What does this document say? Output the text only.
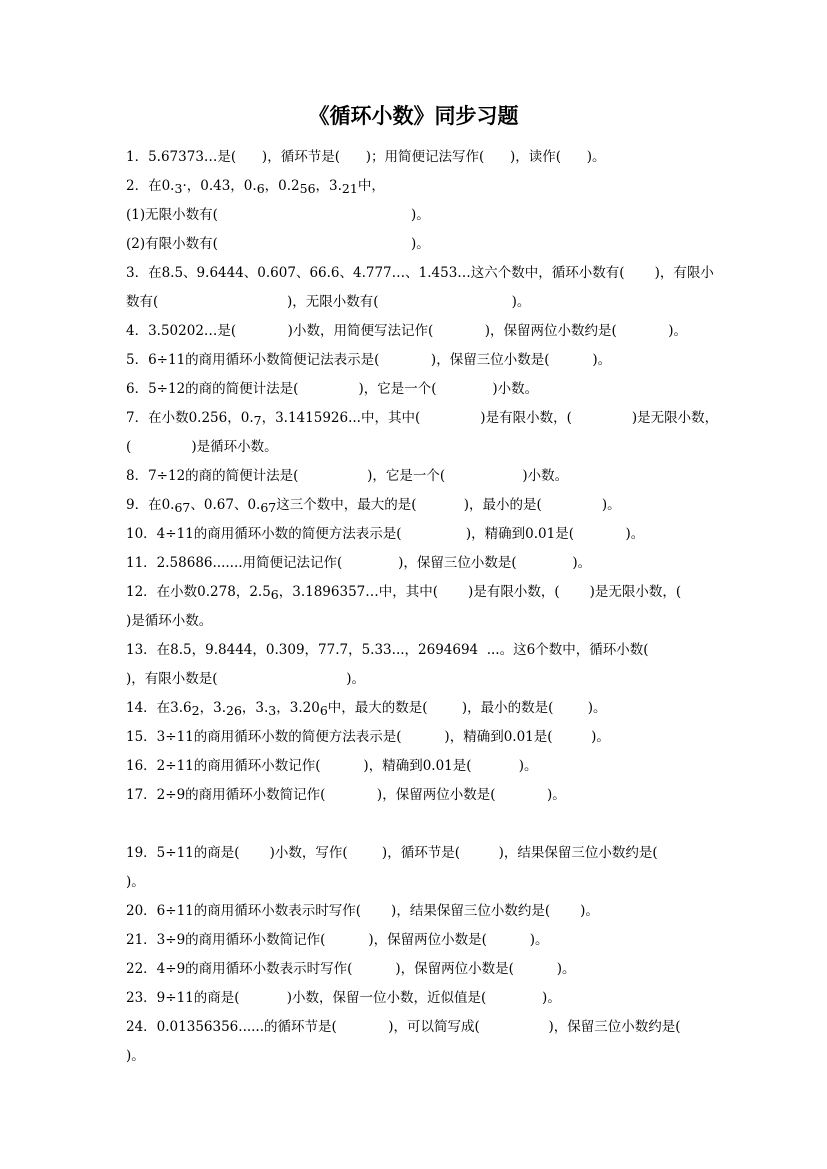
《循环小数》同步习题
1．5.67373…是(      )，循环节是(      )；用简便记法写作(      )，读作(      )。
2．在0.3·，0.43，0.6，0.256，3.21中，
(1)无限小数有(                                             )。
(2)有限小数有(                                             )。
3．在8.5、9.6444、0.607、66.6、4.777…、1.453…这六个数中，循环小数有(       )，有限小
数有(                              )，无限小数有(                               )。
4．3.50202…是(            )小数，用简便写法记作(            )，保留两位小数约是(            )。
5．6÷11的商用循环小数简便记法表示是(            )，保留三位小数是(          )。
6．5÷12的商的简便计法是(              )，它是一个(             )小数。
7．在小数0.256，0.7，3.1415926...中，其中(              )是有限小数，(              )是无限小数，
(              )是循环小数。
8．7÷12的商的简便计法是(                )，它是一个(                  )小数。
9．在0.67、0.67、0.67这三个数中，最大的是(           )，最小的是(              )。
10．4÷11的商用循环小数的简便方法表示是(               )，精确到0.01是(            )。
11．2.58686.......用简便记法记作(             )，保留三位小数是(             )。
12．在小数0.278，2.56，3.1896357…中，其中(       )是有限小数，(       )是无限小数，(
)是循环小数。
13．在8.5，9.8444，0.309，77.7，5.33...，2694694  ...。这6个数中，循环小数(
)，有限小数是(                              )。
14．在3.62，3.26，3.3，3.206中，最大的数是(        )，最小的数是(        )。
15．3÷11的商用循环小数的简便方法表示是(          )，精确到0.01是(         )。
16．2÷11的商用循环小数记作(          )，精确到0.01是(           )。
17．2÷9的商用循环小数简记作(            )，保留两位小数是(            )。
19．5÷11的商是(       )小数，写作(        )，循环节是(         )，结果保留三位小数约是(
)。
20．6÷11的商用循环小数表示时写作(       )，结果保留三位小数约是(       )。
21．3÷9的商用循环小数简记作(          )，保留两位小数是(          )。
22．4÷9的商用循环小数表示时写作(          )，保留两位小数是(          )。
23．9÷11的商是(           )小数，保留一位小数，近似值是(             )。
24．0.01356356......的循环节是(            )，可以简写成(                )，保留三位小数约是(
)。
